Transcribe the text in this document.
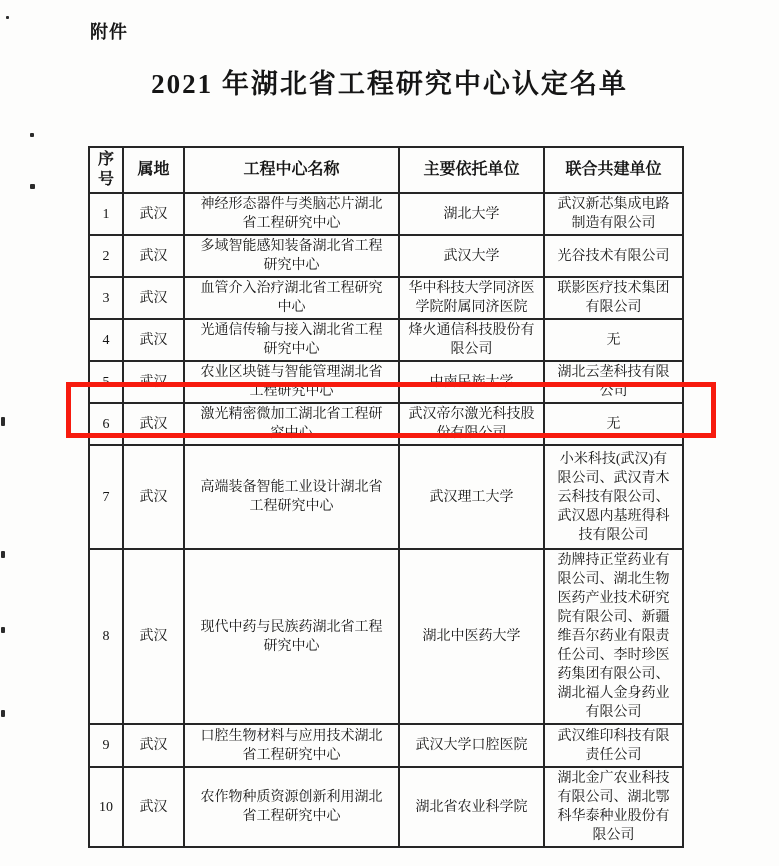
附件
2021 年湖北省工程研究中心认定名单
序号	属地	工程中心名称	主要依托单位	联合共建单位
1	武汉	神经形态器件与类脑芯片湖北省工程研究中心	湖北大学	武汉新芯集成电路制造有限公司
2	武汉	多域智能感知装备湖北省工程研究中心	武汉大学	光谷技术有限公司
3	武汉	血管介入治疗湖北省工程研究中心	华中科技大学同济医学院附属同济医院	联影医疗技术集团有限公司
4	武汉	光通信传输与接入湖北省工程研究中心	烽火通信科技股份有限公司	无
5	武汉	农业区块链与智能管理湖北省工程研究中心	中南民族大学	湖北云垄科技有限公司
6	武汉	激光精密微加工湖北省工程研究中心	武汉帝尔激光科技股份有限公司	无
7	武汉	高端装备智能工业设计湖北省工程研究中心	武汉理工大学	小米科技(武汉)有限公司、武汉青木云科技有限公司、武汉恩内基班得科技有限公司
8	武汉	现代中药与民族药湖北省工程研究中心	湖北中医药大学	劲牌持正堂药业有限公司、湖北生物医药产业技术研究院有限公司、新疆维吾尔药业有限责任公司、李时珍医药集团有限公司、湖北福人金身药业有限公司
9	武汉	口腔生物材料与应用技术湖北省工程研究中心	武汉大学口腔医院	武汉维印科技有限责任公司
10	武汉	农作物种质资源创新利用湖北省工程研究中心	湖北省农业科学院	湖北金广农业科技有限公司、湖北鄂科华泰种业股份有限公司
